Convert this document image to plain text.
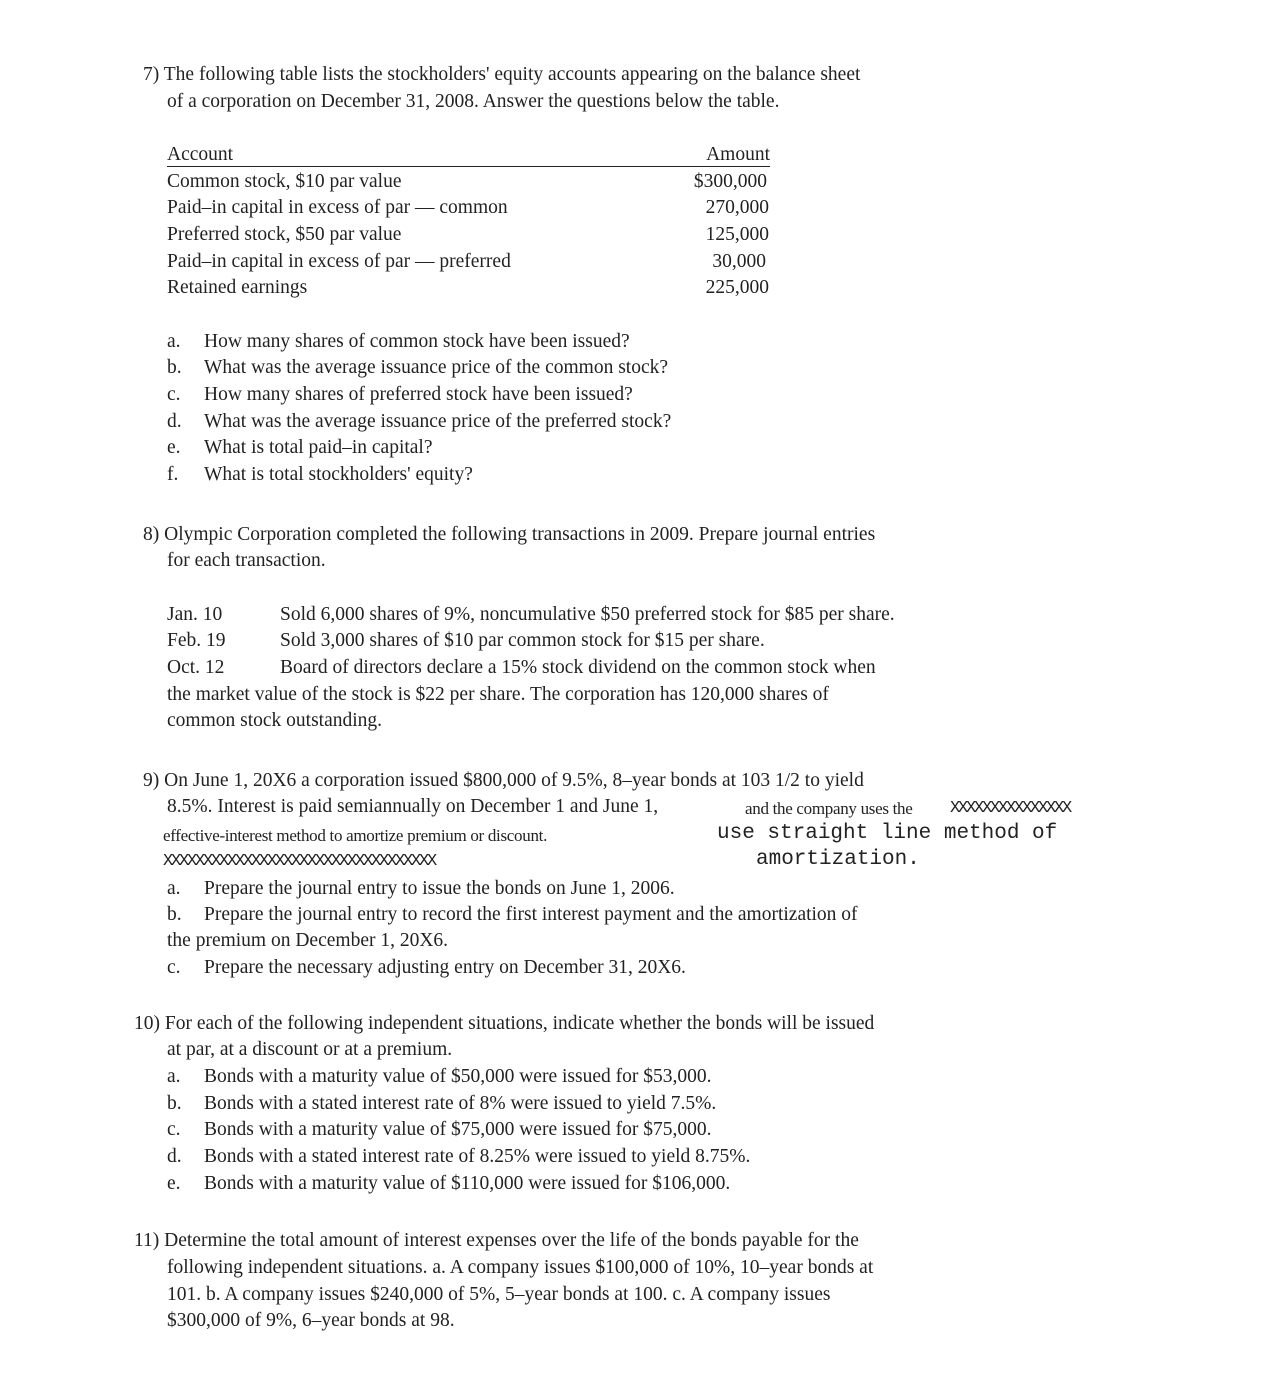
7) The following table lists the stockholders' equity accounts appearing on the balance sheet
of a corporation on December 31, 2008. Answer the questions below the table.
Account	Amount
Common stock, $10 par value	$300,000
Paid–in capital in excess of par — common	270,000
Preferred stock, $50 par value	125,000
Paid–in capital in excess of par — preferred	30,000
Retained earnings	225,000
a. How many shares of common stock have been issued?
b. What was the average issuance price of the common stock?
c. How many shares of preferred stock have been issued?
d. What was the average issuance price of the preferred stock?
e. What is total paid–in capital?
f. What is total stockholders' equity?
8) Olympic Corporation completed the following transactions in 2009. Prepare journal entries
for each transaction.
Jan. 10	Sold 6,000 shares of 9%, noncumulative $50 preferred stock for $85 per share.
Feb. 19	Sold 3,000 shares of $10 par common stock for $15 per share.
Oct. 12	Board of directors declare a 15% stock dividend on the common stock when
the market value of the stock is $22 per share. The corporation has 120,000 shares of
common stock outstanding.
9) On June 1, 20X6 a corporation issued $800,000 of 9.5%, 8–year bonds at 103 1/2 to yield
8.5%. Interest is paid semiannually on December 1 and June 1,	and the company uses the XXXXXXXXXXXXXXX
effective-interest method to amortize premium or discount.	use straight line method of
XXXXXXXXXXXXXXXXXXXXXXXXXXXXXXXXXX	amortization.
a. Prepare the journal entry to issue the bonds on June 1, 2006.
b. Prepare the journal entry to record the first interest payment and the amortization of
the premium on December 1, 20X6.
c. Prepare the necessary adjusting entry on December 31, 20X6.
10) For each of the following independent situations, indicate whether the bonds will be issued
at par, at a discount or at a premium.
a. Bonds with a maturity value of $50,000 were issued for $53,000.
b. Bonds with a stated interest rate of 8% were issued to yield 7.5%.
c. Bonds with a maturity value of $75,000 were issued for $75,000.
d. Bonds with a stated interest rate of 8.25% were issued to yield 8.75%.
e. Bonds with a maturity value of $110,000 were issued for $106,000.
11) Determine the total amount of interest expenses over the life of the bonds payable for the
following independent situations. a. A company issues $100,000 of 10%, 10–year bonds at
101. b. A company issues $240,000 of 5%, 5–year bonds at 100. c. A company issues
$300,000 of 9%, 6–year bonds at 98.
